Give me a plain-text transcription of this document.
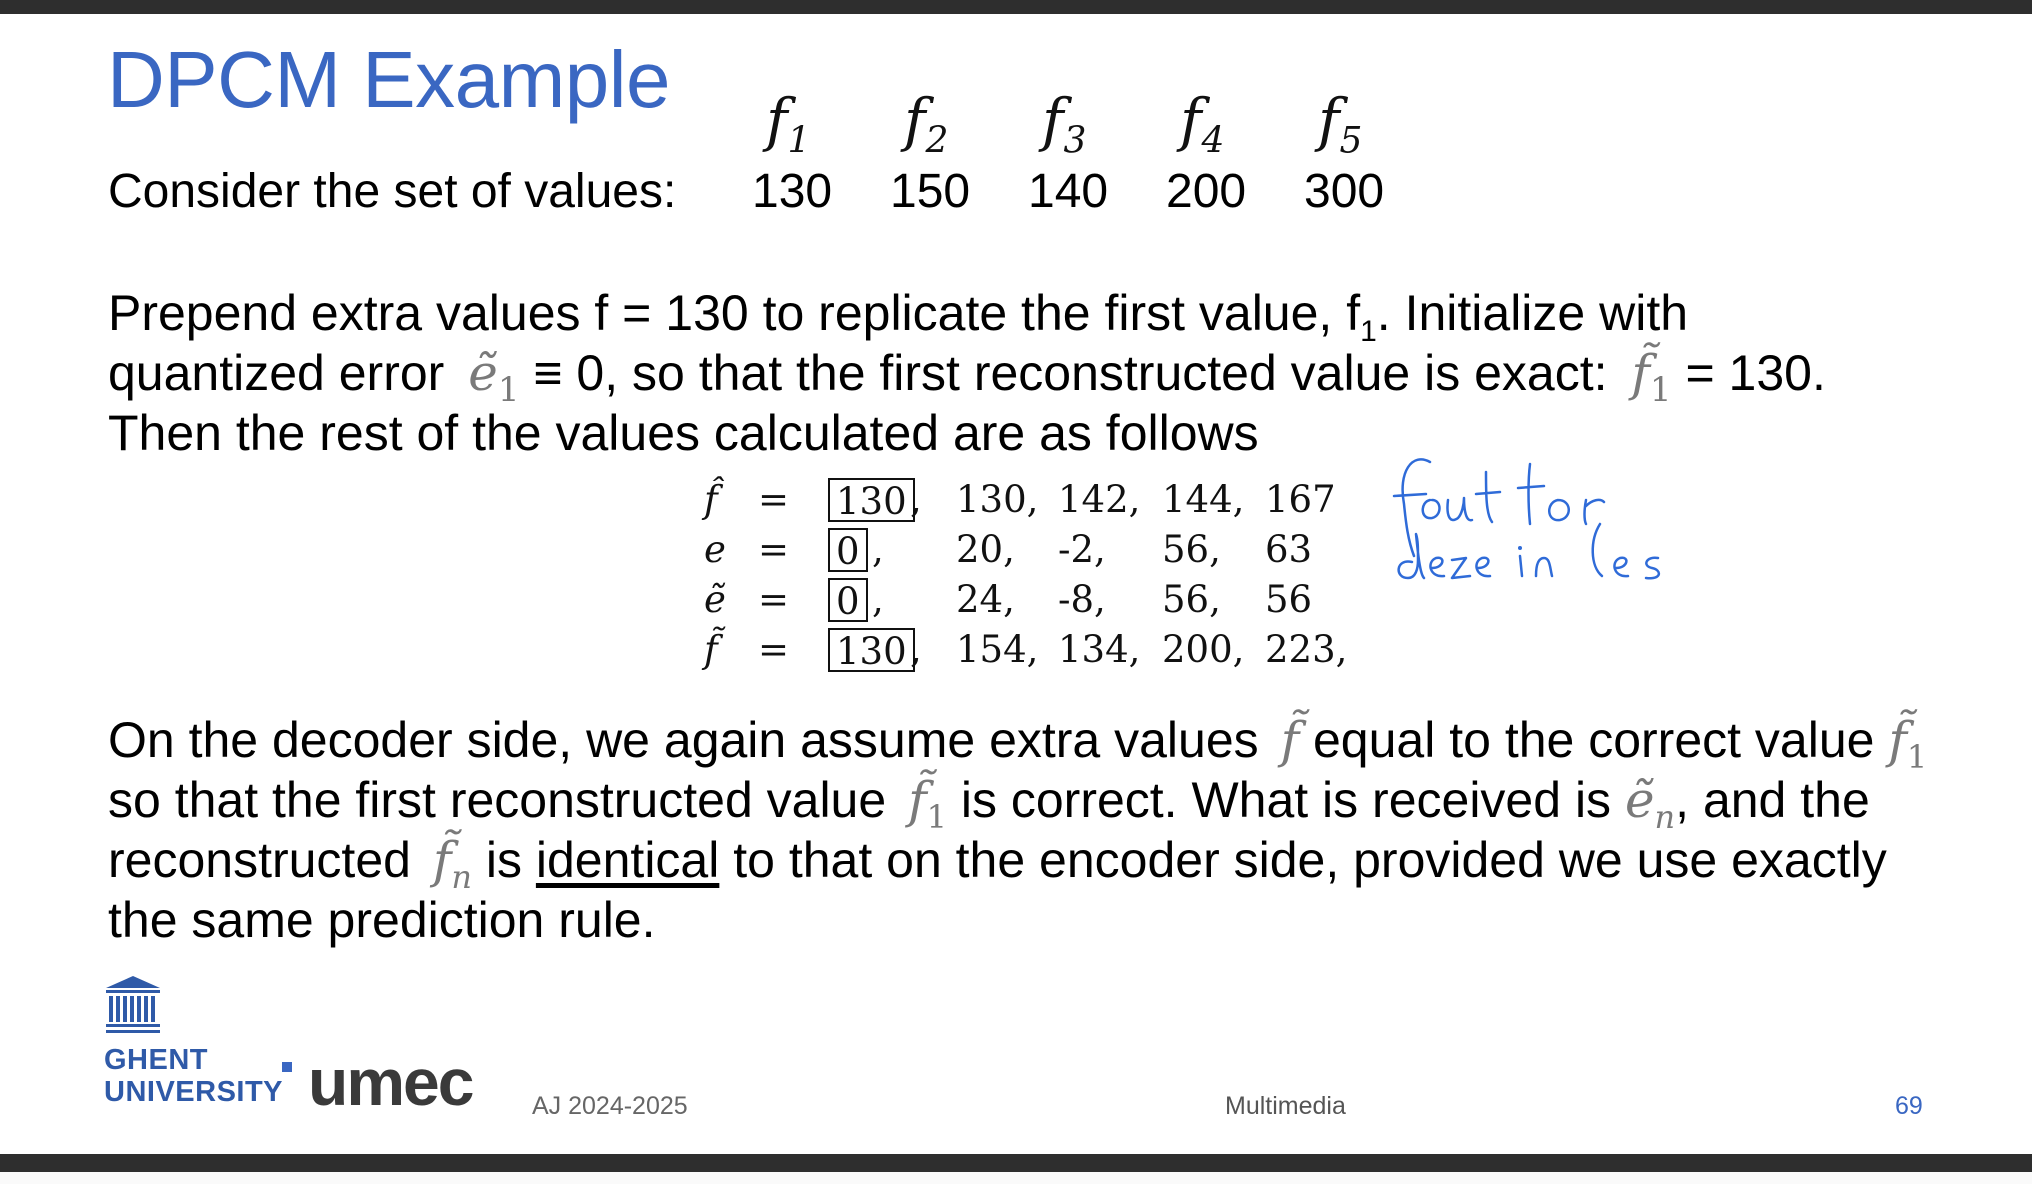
DPCM Example $f_1$ $f_2$ $f_3$ $f_4$ $f_5$
Consider the set of values: 130 150 140 200 300
Prepend extra values f = 130 to replicate the first value, $f_1$. Initialize with
quantized error ẽ$_1$ ≡ 0, so that the first reconstructed value is exact: $f̃_1 = 130$.
Then the rest of the values calculated are as follows
f̂ = 130 , 130, 142, 144, 167
e = 0 , 20, -2, 56, 63
ẽ = 0 , 24, -8, 56, 56
f̃ = 130 , 154, 134, 200, 223,
On the decoder side, we again assume extra values f̃ equal to the correct value $f̃_1$
so that the first reconstructed value $f̃_1$ is correct. What is received is ẽ$_n$, and the
reconstructed $f̃_n$ is identical to that on the encoder side, provided we use exactly
the same prediction rule.
GHENT
UNIVERSITY umec AJ 2024-2025	Multimedia	69
